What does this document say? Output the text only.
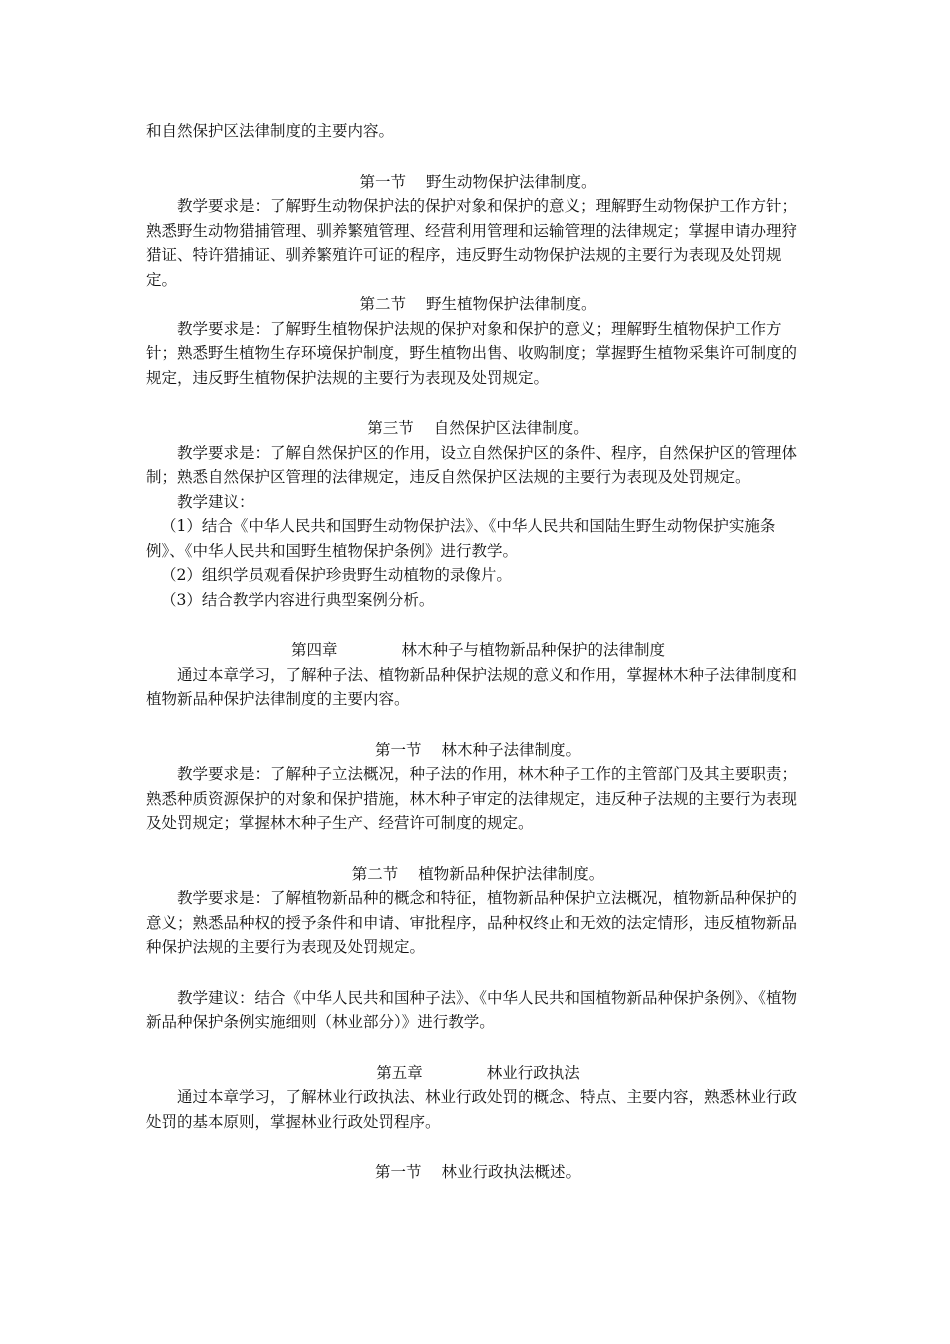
和自然保护区法律制度的主要内容。

第一节 野生动物保护法律制度。

教学要求是：了解野生动物保护法的保护对象和保护的意义；理解野生动物保护工作方针；熟悉野生动物猎捕管理、驯养繁殖管理、经营利用管理和运输管理的法律规定；掌握申请办理狩猎证、特许猎捕证、驯养繁殖许可证的程序，违反野生动物保护法规的主要行为表现及处罚规定。

第二节 野生植物保护法律制度。

教学要求是：了解野生植物保护法规的保护对象和保护的意义；理解野生植物保护工作方针；熟悉野生植物生存环境保护制度，野生植物出售、收购制度；掌握野生植物采集许可制度的规定，违反野生植物保护法规的主要行为表现及处罚规定。

第三节 自然保护区法律制度。

教学要求是：了解自然保护区的作用，设立自然保护区的条件、程序，自然保护区的管理体制；熟悉自然保护区管理的法律规定，违反自然保护区法规的主要行为表现及处罚规定。

教学建议：

（1）结合《中华人民共和国野生动物保护法》、《中华人民共和国陆生野生动物保护实施条例》、《中华人民共和国野生植物保护条例》进行教学。

（2）组织学员观看保护珍贵野生动植物的录像片。

（3）结合教学内容进行典型案例分析。

第四章	林木种子与植物新品种保护的法律制度

通过本章学习，了解种子法、植物新品种保护法规的意义和作用，掌握林木种子法律制度和植物新品种保护法律制度的主要内容。

第一节 林木种子法律制度。

教学要求是：了解种子立法概况，种子法的作用，林木种子工作的主管部门及其主要职责；熟悉种质资源保护的对象和保护措施，林木种子审定的法律规定，违反种子法规的主要行为表现及处罚规定；掌握林木种子生产、经营许可制度的规定。

第二节 植物新品种保护法律制度。

教学要求是：了解植物新品种的概念和特征，植物新品种保护立法概况，植物新品种保护的意义；熟悉品种权的授予条件和申请、审批程序，品种权终止和无效的法定情形，违反植物新品种保护法规的主要行为表现及处罚规定。

教学建议：结合《中华人民共和国种子法》、《中华人民共和国植物新品种保护条例》、《植物新品种保护条例实施细则（林业部分）》进行教学。

第五章	林业行政执法

通过本章学习，了解林业行政执法、林业行政处罚的概念、特点、主要内容，熟悉林业行政处罚的基本原则，掌握林业行政处罚程序。

第一节 林业行政执法概述。
